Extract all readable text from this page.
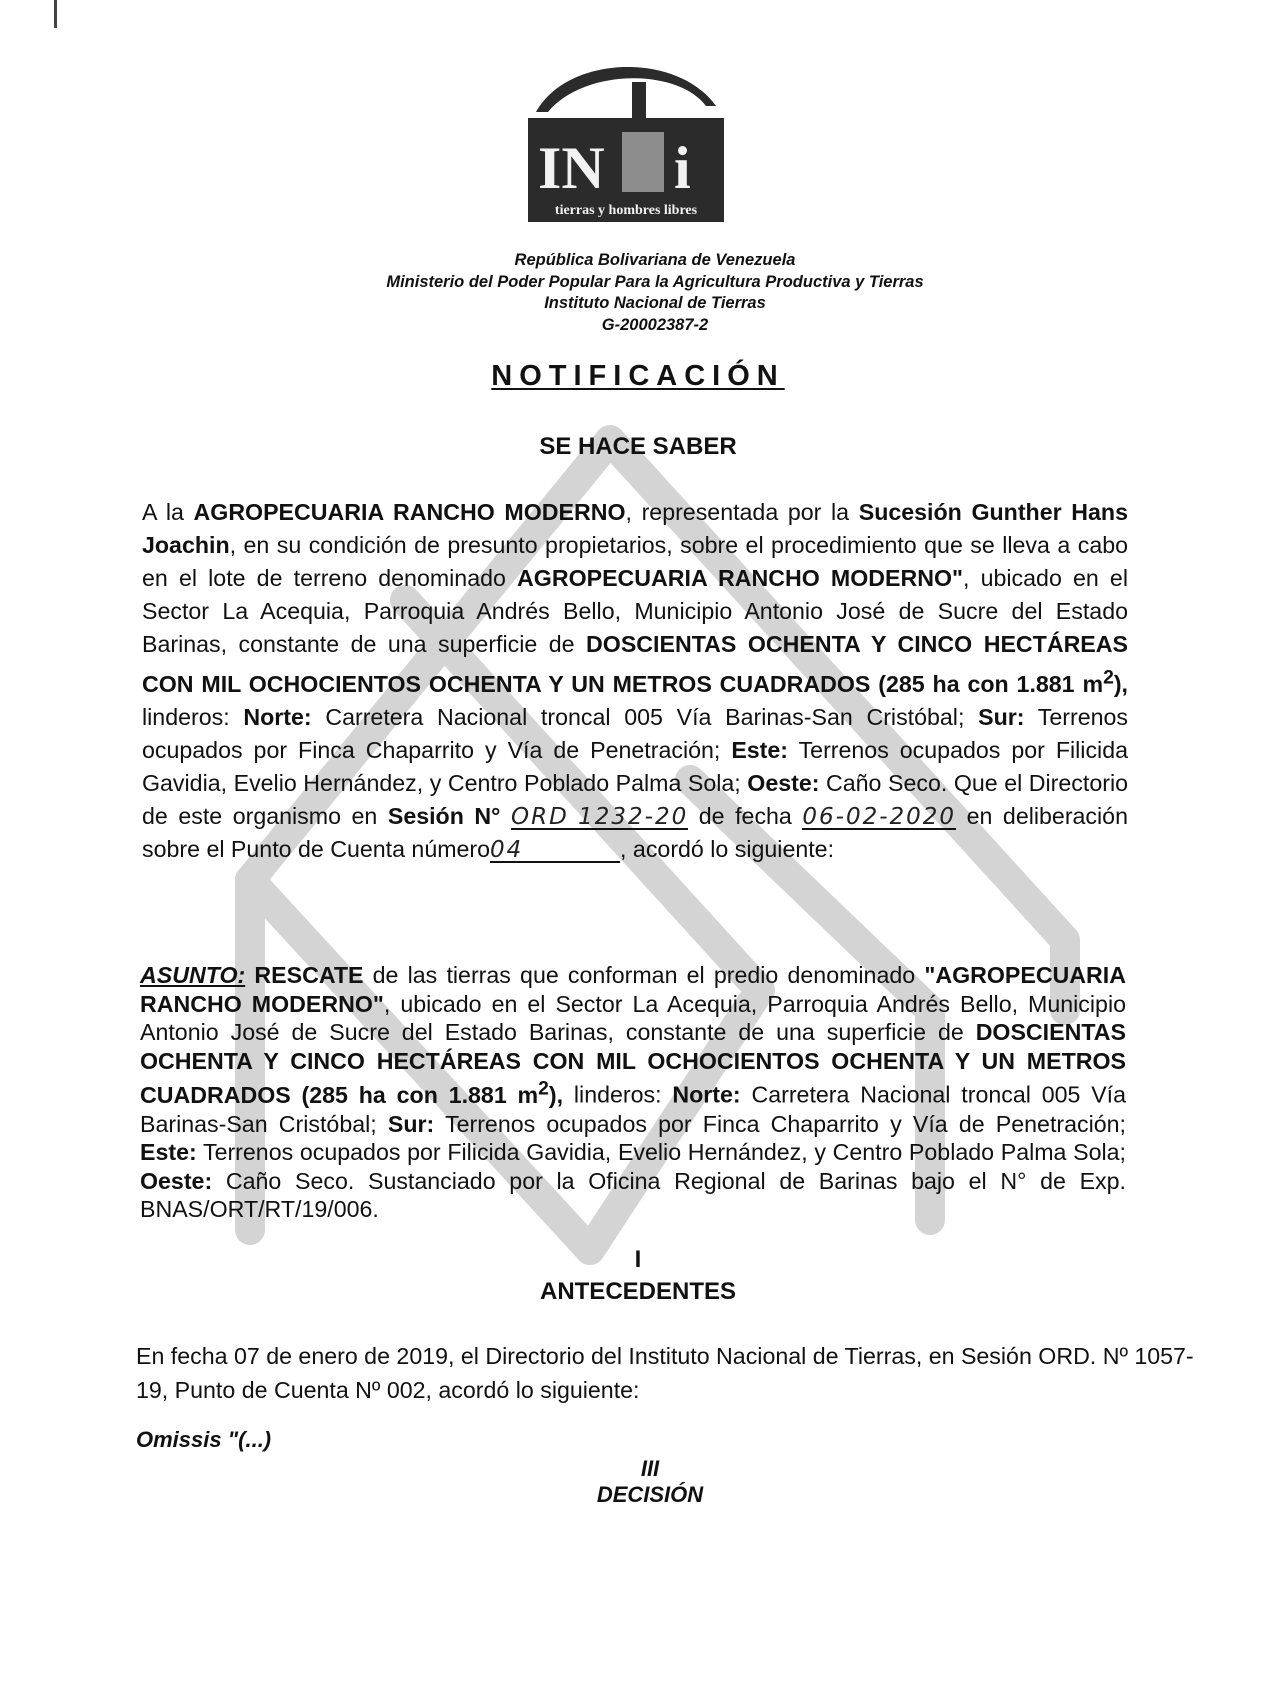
IN i
tierras y hombres libres
República Bolivariana de Venezuela
Ministerio del Poder Popular Para la Agricultura Productiva y Tierras
Instituto Nacional de Tierras
G-20002387-2
NOTIFICACIÓN
SE HACE SABER
A la AGROPECUARIA RANCHO MODERNO, representada por la Sucesión Gunther Hans Joachin, en su condición de presunto propietarios, sobre el procedimiento que se lleva a cabo en el lote de terreno denominado AGROPECUARIA RANCHO MODERNO", ubicado en el Sector La Acequia, Parroquia Andrés Bello, Municipio Antonio José de Sucre del Estado Barinas, constante de una superficie de DOSCIENTAS OCHENTA Y CINCO HECTÁREAS CON MIL OCHOCIENTOS OCHENTA Y UN METROS CUADRADOS (285 ha con 1.881 $m^2$), linderos: Norte: Carretera Nacional troncal 005 Vía Barinas-San Cristóbal; Sur: Terrenos ocupados por Finca Chaparrito y Vía de Penetración; Este: Terrenos ocupados por Filicida Gavidia, Evelio Hernández, y Centro Poblado Palma Sola; Oeste: Caño Seco. Que el Directorio de este organismo en Sesión N° ORD 1232-20 de fecha 06-02-2020 en deliberación sobre el Punto de Cuenta número04	, acordó lo siguiente:
ASUNTO: RESCATE de las tierras que conforman el predio denominado "AGROPECUARIA RANCHO MODERNO", ubicado en el Sector La Acequia, Parroquia Andrés Bello, Municipio Antonio José de Sucre del Estado Barinas, constante de una superficie de DOSCIENTAS OCHENTA Y CINCO HECTÁREAS CON MIL OCHOCIENTOS OCHENTA Y UN METROS CUADRADOS (285 ha con 1.881 $m^2$), linderos: Norte: Carretera Nacional troncal 005 Vía Barinas-San Cristóbal; Sur: Terrenos ocupados por Finca Chaparrito y Vía de Penetración; Este: Terrenos ocupados por Filicida Gavidia, Evelio Hernández, y Centro Poblado Palma Sola; Oeste: Caño Seco. Sustanciado por la Oficina Regional de Barinas bajo el N° de Exp. BNAS/ORT/RT/19/006.
I
ANTECEDENTES
En fecha 07 de enero de 2019, el Directorio del Instituto Nacional de Tierras, en Sesión ORD. Nº 1057-19, Punto de Cuenta Nº 002, acordó lo siguiente:
Omissis "(...)
III
DECISIÓN
